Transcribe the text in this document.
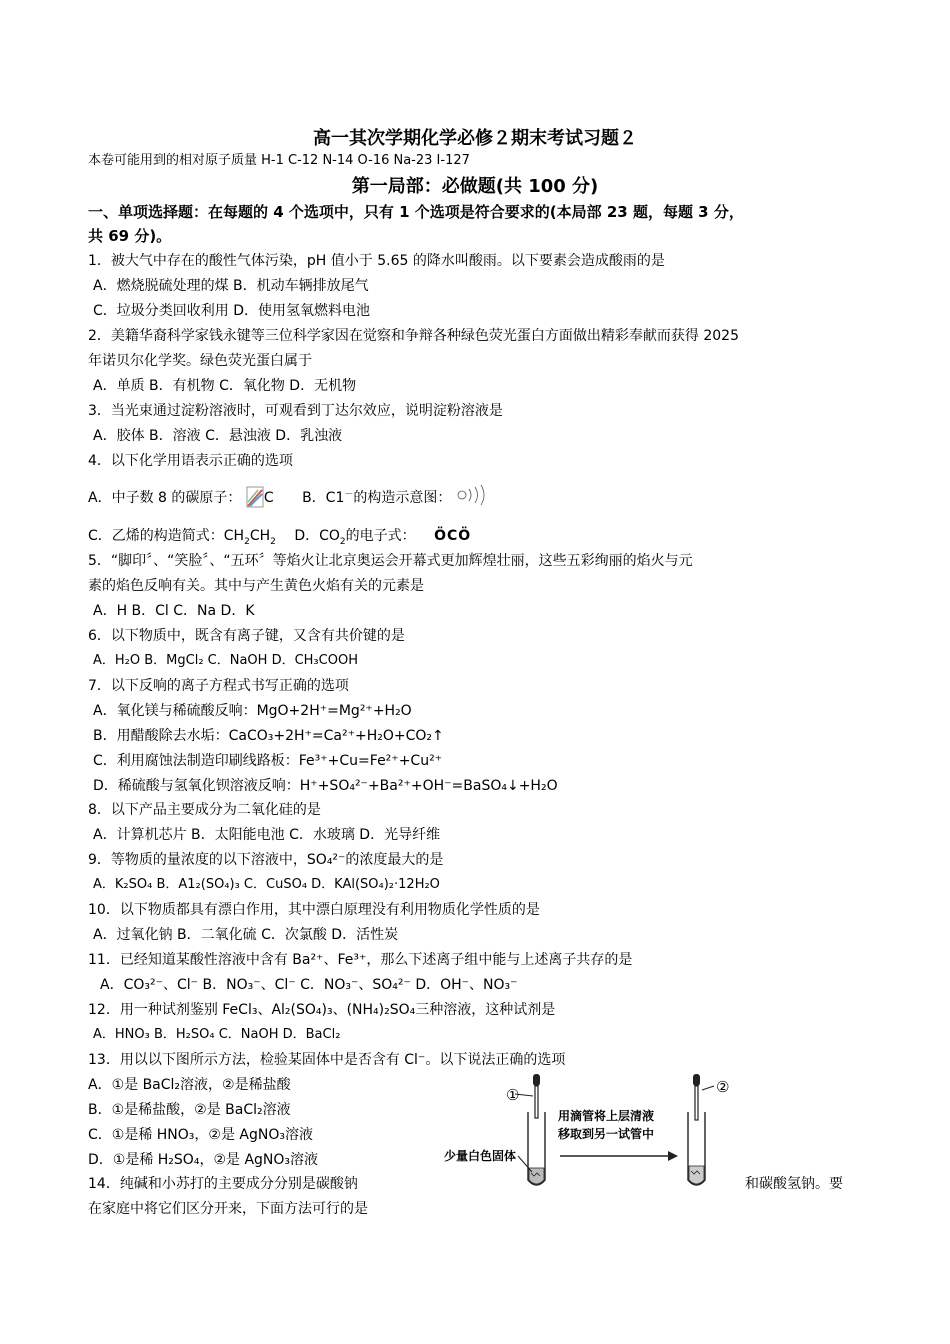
高一其次学期化学必修２期末考试习题２
本卷可能用到的相对原子质量 H-1 C-12 N-14 O-16 Na-23 I-127
第一局部：必做题(共 100 分)
一、单项选择题：在每题的 4 个选项中，只有 1 个选项是符合要求的(本局部 23 题，每题 3 分，
共 69 分)。
1．被大气中存在的酸性气体污染，pH 值小于 5.65 的降水叫酸雨。以下要素会造成酸雨的是
A．燃烧脱硫处理的煤 B．机动车辆排放尾气
C．垃圾分类回收利用 D．使用氢氧燃料电池
2．美籍华裔科学家钱永键等三位科学家因在觉察和争辩各种绿色荧光蛋白方面做出精彩奉献而获得 2025
年诺贝尔化学奖。绿色荧光蛋白属于
A．单质 B．有机物 C．氧化物 D．无机物
3．当光束通过淀粉溶液时，可观看到丁达尔效应，说明淀粉溶液是
A．胶体 B．溶液 C．悬浊液 D．乳浊液
4．以下化学用语表示正确的选项
A．中子数 8 的碳原子： C B．C1－的构造示意图：
C．乙烯的构造简式：$CH_2CH_2$ D．$CO_2$的电子式： ӦCӦ
5．“脚印〞、“笑脸〞、“五环〞等焰火让北京奥运会开幕式更加辉煌壮丽，这些五彩绚丽的焰火与元
素的焰色反响有关。其中与产生黄色火焰有关的元素是
A．H B．Cl C．Na D．K
6．以下物质中，既含有离子键，又含有共价键的是
A．H₂O B．MgCl₂ C．NaOH D．CH₃COOH
7．以下反响的离子方程式书写正确的选项
A．氧化镁与稀硫酸反响：MgO+2H⁺=Mg²⁺+H₂O
B．用醋酸除去水垢：CaCO₃+2H⁺=Ca²⁺+H₂O+CO₂↑
C．利用腐蚀法制造印刷线路板：Fe³⁺+Cu=Fe²⁺+Cu²⁺
D．稀硫酸与氢氧化钡溶液反响：H⁺+SO₄²⁻+Ba²⁺+OH⁻=BaSO₄↓+H₂O
8．以下产品主要成分为二氧化硅的是
A．计算机芯片 B．太阳能电池 C．水玻璃 D．光导纤维
9．等物质的量浓度的以下溶液中，SO₄²⁻的浓度最大的是
A．K₂SO₄ B．A1₂(SO₄)₃ C．CuSO₄ D．KAl(SO₄)₂·12H₂O
10．以下物质都具有漂白作用，其中漂白原理没有利用物质化学性质的是
A．过氧化钠 B．二氧化硫 C．次氯酸 D．活性炭
11．已经知道某酸性溶液中含有 Ba²⁺、Fe³⁺，那么下述离子组中能与上述离子共存的是
A．CO₃²⁻、Cl⁻ B．NO₃⁻、Cl⁻ C．NO₃⁻、SO₄²⁻ D．OH⁻、NO₃⁻
12．用一种试剂鉴别 FeCl₃、Al₂(SO₄)₃、(NH₄)₂SO₄三种溶液，这种试剂是
A．HNO₃ B．H₂SO₄ C．NaOH D．BaCl₂
13．用以以下图所示方法，检验某固体中是否含有 Cl⁻。以下说法正确的选项
A．①是 BaCl₂溶液，②是稀盐酸
B．①是稀盐酸，②是 BaCl₂溶液
C．①是稀 HNO₃，②是 AgNO₃溶液
D．①是稀 H₂SO₄，②是 AgNO₃溶液
①
少量白色固体
用滴管将上层清液
移取到另一试管中
②
14．纯碱和小苏打的主要成分分别是碳酸钠	和碳酸氢钠。要
在家庭中将它们区分开来，下面方法可行的是
